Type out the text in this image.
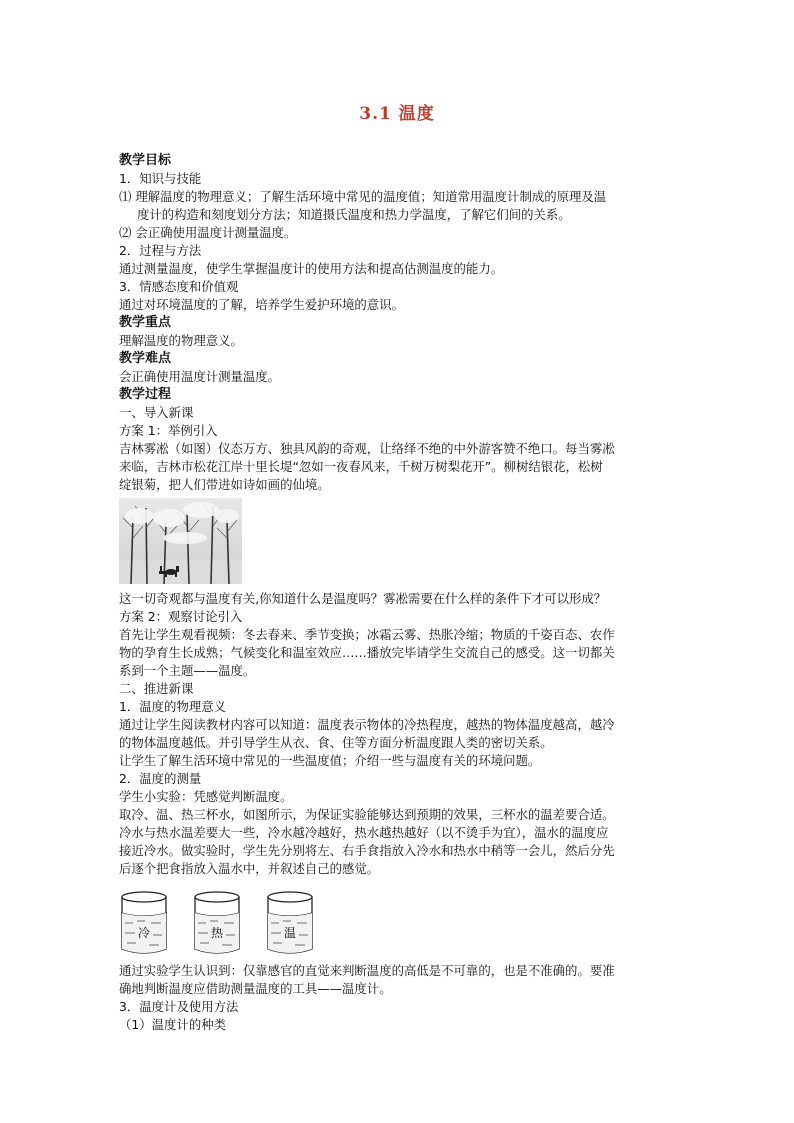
3.1 温度
教学目标
1．知识与技能
⑴ 理解温度的物理意义；了解生活环境中常见的温度值；知道常用温度计制成的原理及温
度计的构造和刻度划分方法；知道摄氏温度和热力学温度，了解它们间的关系。
⑵ 会正确使用温度计测量温度。
2．过程与方法
通过测量温度，使学生掌握温度计的使用方法和提高估测温度的能力。
3．情感态度和价值观
通过对环境温度的了解，培养学生爱护环境的意识。
教学重点
理解温度的物理意义。
教学难点
会正确使用温度计测量温度。
教学过程
一、导入新课
方案 1：举例引入
吉林雾凇（如图）仪态万方、独具风韵的奇观，让络绎不绝的中外游客赞不绝口。每当雾凇
来临，吉林市松花江岸十里长堤“忽如一夜春风来，千树万树梨花开”。柳树结银花，松树
绽银菊，把人们带进如诗如画的仙境。
这一切奇观都与温度有关,你知道什么是温度吗？雾凇需要在什么样的条件下才可以形成？
方案 2：观察讨论引入
首先让学生观看视频：冬去春来、季节变换；冰霜云雾、热胀冷缩；物质的千姿百态、农作
物的孕育生长成熟；气候变化和温室效应……播放完毕请学生交流自己的感受。这一切都关
系到一个主题——温度。
二、推进新课
1．温度的物理意义
通过让学生阅读教材内容可以知道：温度表示物体的冷热程度，越热的物体温度越高，越冷
的物体温度越低。并引导学生从衣、食、住等方面分析温度跟人类的密切关系。
让学生了解生活环境中常见的一些温度值；介绍一些与温度有关的环境问题。
2．温度的测量
学生小实验：凭感觉判断温度。
取冷、温、热三杯水，如图所示，为保证实验能够达到预期的效果，三杯水的温差要合适。
冷水与热水温差要大一些，冷水越冷越好，热水越热越好（以不烫手为宜），温水的温度应
接近冷水。做实验时，学生先分别将左、右手食指放入冷水和热水中稍等一会儿，然后分先
后逐个把食指放入温水中，并叙述自己的感觉。
冷	热	温
通过实验学生认识到：仅靠感官的直觉来判断温度的高低是不可靠的，也是不准确的。要准
确地判断温度应借助测量温度的工具——温度计。
3．温度计及使用方法
（1）温度计的种类
